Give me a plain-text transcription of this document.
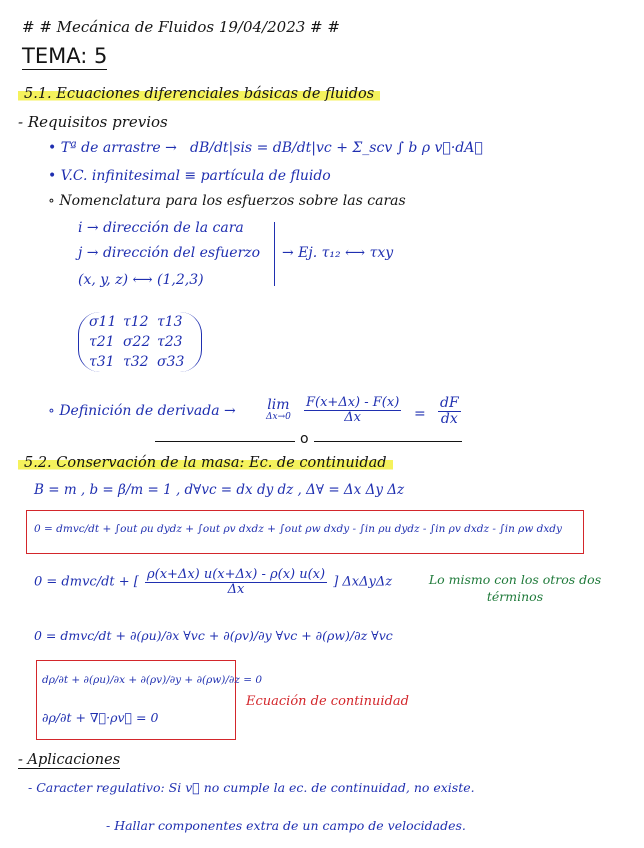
# # Mecánica de Fluidos 19/04/2023 # #
TEMA: 5
5.1. Ecuaciones diferenciales básicas de fluidos
- Requisitos previos
• Tª de arrastre → dB/dt|sis = dB/dt|vc + Σ_scv ∫ b ρ v⃗·dA⃗
• V.C. infinitesimal ≡ partícula de fluido
∘ Nomenclatura para los esfuerzos sobre las caras
i → dirección de la cara
j → dirección del esfuerzo
(x, y, z) ⟷ (1,2,3)
→ Ej. τ₁₂ ⟷ τxy
σ11 τ12 τ13
τ21 σ22 τ23
τ31 τ32 σ33
∘ Definición de derivada → lim
$\Delta x\to 0 \frac{F(x+\Delta x) - F(x)}{\Delta x} = \frac{dF}{dx}$
o
5.2. Conservación de la masa: Ec. de continuidad
B = m , b = β/m = 1 , d∀vc = dx dy dz , Δ∀ = Δx Δy Δz
0 = dmvc/dt + ∫out ρu dydz + ∫out ρv dxdz + ∫out ρw dxdy - ∫in ρu dydz - ∫in ρv dxdz - ∫in ρw dxdy
0 = dmvc/dt + [ $\frac{\rho(x+\Delta x) u(x+\Delta x) - \rho(x) u(x)}{\Delta x}$ ] ΔxΔyΔz	Lo mismo con los otros dos términos
0 = dmvc/dt + ∂(ρu)/∂x ∀vc + ∂(ρv)/∂y ∀vc + ∂(ρw)/∂z ∀vc
dρ/∂t + ∂(ρu)/∂x + ∂(ρv)/∂y + ∂(ρw)/∂z = 0
∂ρ/∂t + ∇⃗·ρv⃗ = 0
Ecuación de continuidad
- Aplicaciones
- Caracter regulativo: Si v⃗ no cumple la ec. de continuidad, no existe.
- Hallar componentes extra de un campo de velocidades.
